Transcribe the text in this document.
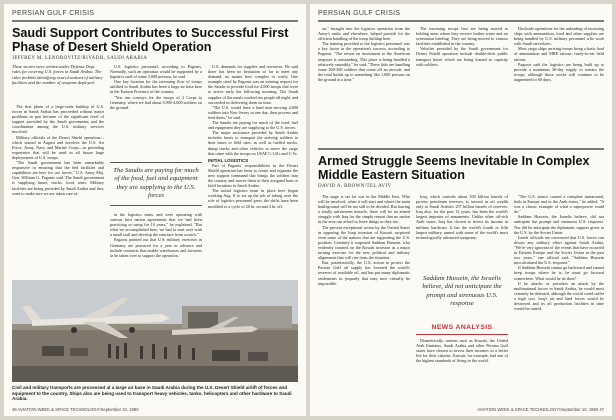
PERSIAN GULF CRISIS
Saudi Support Contributes to Successful First Phase of Desert Shield Operation
JEFFREY M. LENOROVITZ/RIYADH, SAUDI ARABIA
These stories were written under Defense Dept. rules for covering U.S. forces in Saudi Arabia. The rules prohibit identifying exact locations of military facilities and the number of weapons deployed.

The first phase of a large-scale buildup of U.S. forces in Saudi Arabia has proceeded without major problems in part because of the significant level of support provided by the Saudi government and the coordination among the U.S. military services involved.

Military officials of the Desert Shield operation—which started in August and involves the U.S. Air Force, Army, Navy and Marine Corps—in providing experience that will be used in all future large deployments of U.S. troops.

"The Saudi government has been remarkably responsive in ensuring that the bed facilities and capabilities are here for our forces," U.S. Army Maj. Gen. William G. Pagonis said. The Saudi government is supplying buses, trucks, food, tents. Military facilities are being provided by Saudi Arabia and they want to make sure we are taken care of.

U.S. logistics personnel, according to Pagonis. Normally, such an operation would be supported by a logistics staff of some 5,000 persons, he said.

One key location for the incoming flow of troops airlifted to Saudi Arabia has been a large air base here in the Eastern Province of the country.

"You run convoys for the troops of 3 Corps to Germany, where we had about 3,000-4,000 soldiers on the ground.

The Saudis are paying for much of the food, fuel and equipment they are supplying to the U.S. forces

in the logistics team, and were operating with various host nation agreements that we had been practicing or using for 10 years," he explained. "But what we accomplished here, we had to start over with a small staff and develop the structure from scratch."

Pagonis pointed out that U.S. military exercises in Germany are practiced for a year in advance and include contracts that enable warehouses and factories to be taken over to support the operation.

U.S. demands for supplies and resources. He said there has been no hesitation so far to meet any demand, no matter how complex or costly. One example cited by Pagonis was an evening request for the Saudis to provide food for 4,000 troops that were to arrive early the following morning. The Saudi supplier of the meals worked ten people all night, and succeeded in delivering them on time.

"The U.S. would have a hard time moving 4,000 soldiers into New Jersey in one day, then process and feed them," he said.

The Saudis are paying for much of the food, fuel and equipment they are supplying to the U.S. forces.

The major assistance provided by Saudi Arabia includes buses to transport the arriving soldiers to their bases or field sites, as well as fuelled trucks, dump trucks and other vehicles to move the cargo that came with the troops on USAF C-141s and C-5s.

INITIAL LOGISTICS

Part of Pagonis' responsibilities in the Desert Shield operation has been to create and organize the new support command that brings the soldiers into the country and moves them to their assigned base or field locations in Saudi Arabia.

The initial logistics team in place here began working Aug. 8 to set up the job of taking over the role of logistics personnel grew, the shifts have been modified to a cycle of 20 hr. on and 4 hr. off.

Civil and military transports are processed at a large air base in Saudi Arabia during the U.S. Desert Shield airlift of forces and equipment to the country. Ships also are being used to transport heavy vehicles, tanks, helicopters and other hardware to Saudi Arabia.
46 AVIATION WEEK & SPACE TECHNOLOGY/September 10, 1990
PERSIAN GULF CRISIS

on," brought into the logistics operation from the Army's ranks and elsewhere, helped provide for the efficient handling of the troop buildup here.

The training provided to the logistics personnel was a key factor in the operation's success, according to Pagonis. "The return on investment to the American taxpayer is outstanding. This place is being handled a relatively smoothly," he said. "These kids are handling some 200-300 soldiers that come off an aircraft, and the total builds up to something like 1,000 persons on the ground at a time."

The incoming troops first are being moved to holding areas where they receive further water and air orientation briefing. They are being moved to various facilities established in the country.

Vehicles provided by the Saudi government for Desert Shield operation include double-deck public transport buses which are being loaned to capacity with soldiers.

Dockside operations for the unloading of incoming ships with ammunition, food and other supplies are being handled by U.S. military personnel who work with Saudi stevedores.

Most cargo ships arriving troops bring a basic load of ammunition and MRE rations, ready-to-eat field rations.

Pagonis said the logistics are being built up to provide a minimum 30-day supply to sustain the troops, although those stocks will continue to be augmented to 60 days.

Armed Struggle Seems Inevitable In Complex Middle Eastern Situation
DAVID A. BROWN/TEL AVIV

The stage is set for war in the Middle East. Who will be involved, when it will start and where the main battleground will be are still to be decided. But barring a totally unforeseen miracle, there will be an armed struggle with Iraq for the simple reason that no nation in the area can afford to leave things as they are.

The present exceptional action by the United States in opposing the Iraqi invasion of Kuwait surprised even some of the nations that are supporting the U.S. position. Certainly it surprised Saddam Hussein, who evidently counted on the Kuwait invasion as a major turning exercise for the new political and military alignments that will rise from the situation.

But, paradoxically, the U.S. action to protect the Persian Gulf oil supply has lowered the world's reserves of available oil, and has put many diplomatic settlements in jeopardy that may now virtually be impossible.

Iraq, which controls about 100 billion barrels of proven petroleum reserves, is second in oil wealth only to Saudi Arabia's 257 billion barrels of reserves. Iraq also, for the past 12 years, has been the world's largest importer of armaments. Unlike other oil-rich Arab states, Iraq has chosen to invest its income in military hardware. It has the world's fourth or fifth largest military, armed with some of the world's most technologically advanced weaponry.

Saddam Hussein, the Israelis believe, did not anticipate the prompt and strenuous U.S. response
NEWS ANALYSIS

Diametrically, nations such as Kuwait, the United Arab Emirates, Saudi Arabia and other Persian Gulf states have chosen to invest their incomes in a better life for their citizens. Kuwait, for example, had one of the highest standards of living in the world.

"The U.S. stance caused a complete turnaround, both in Europe and in the Arab states," he added. "It was a classic example of what a superpower could do."

Saddam Hussein, the Israelis believe, did not anticipate the prompt and strenuous U.S. response. Nor did he anticipate the diplomatic support given to the U.S. by the Soviet Union.

Israeli officials are convinced that U.S. forces can thwart any military effort against Saudi Arabia. "We're very ignorant of the events that have occurred in Eastern Europe and the Soviet Union in the past two years," one official said. "Saddam Hussein miscalculated the U.S. response."

If Saddam Hussein cannot go backward and cannot keep troops where he is, he must go forward somewhere. What would he do then?

If he attacks or provokes an attack by the multinational forces in Saudi Arabia, he would most certainly be defeated, although the world could suffer a high cost. Iraq's air and land forces would be destroyed and its oil production facilities in time would be ruined.

AVIATION WEEK & SPACE TECHNOLOGY/September 10, 1990 47
